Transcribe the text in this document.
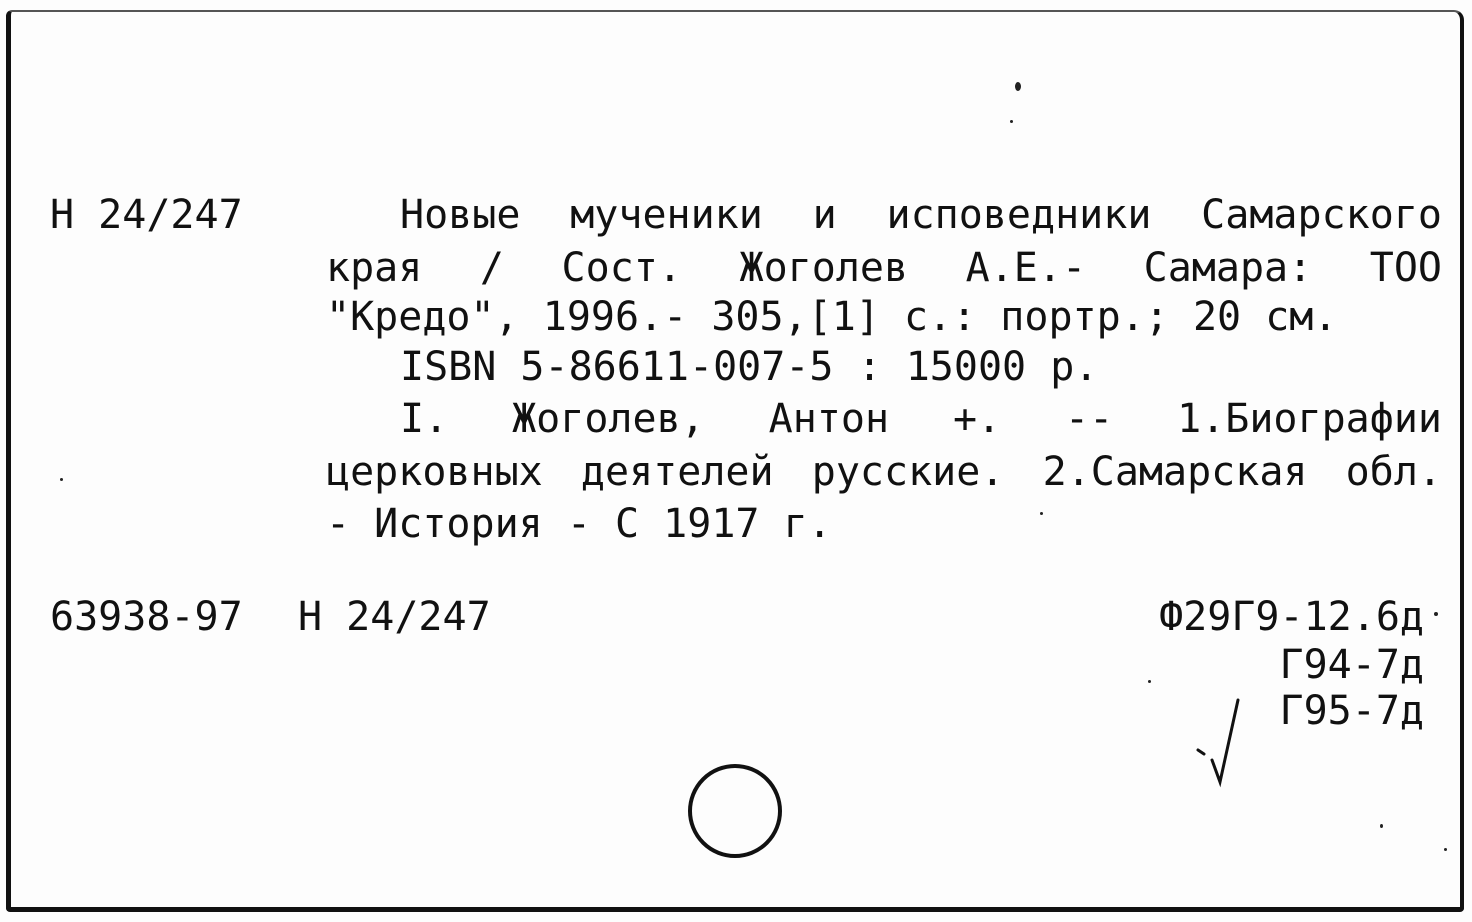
Н 24/247	Новые мученики и исповедники Самарского
края / Сост. Жоголев А.Е.- Самара: ТОО
"Кредо", 1996.- 305,[1] с.: портр.; 20 см.
ISBN 5-86611-007-5 : 15000 р.
I. Жоголев, Антон +. -- 1.Биографии
церковных деятелей русские. 2.Самарская обл.
- История - С 1917 г.
63938-97 Н 24/247	Ф29Г9-12.6д
Г94-7д
Г95-7д
